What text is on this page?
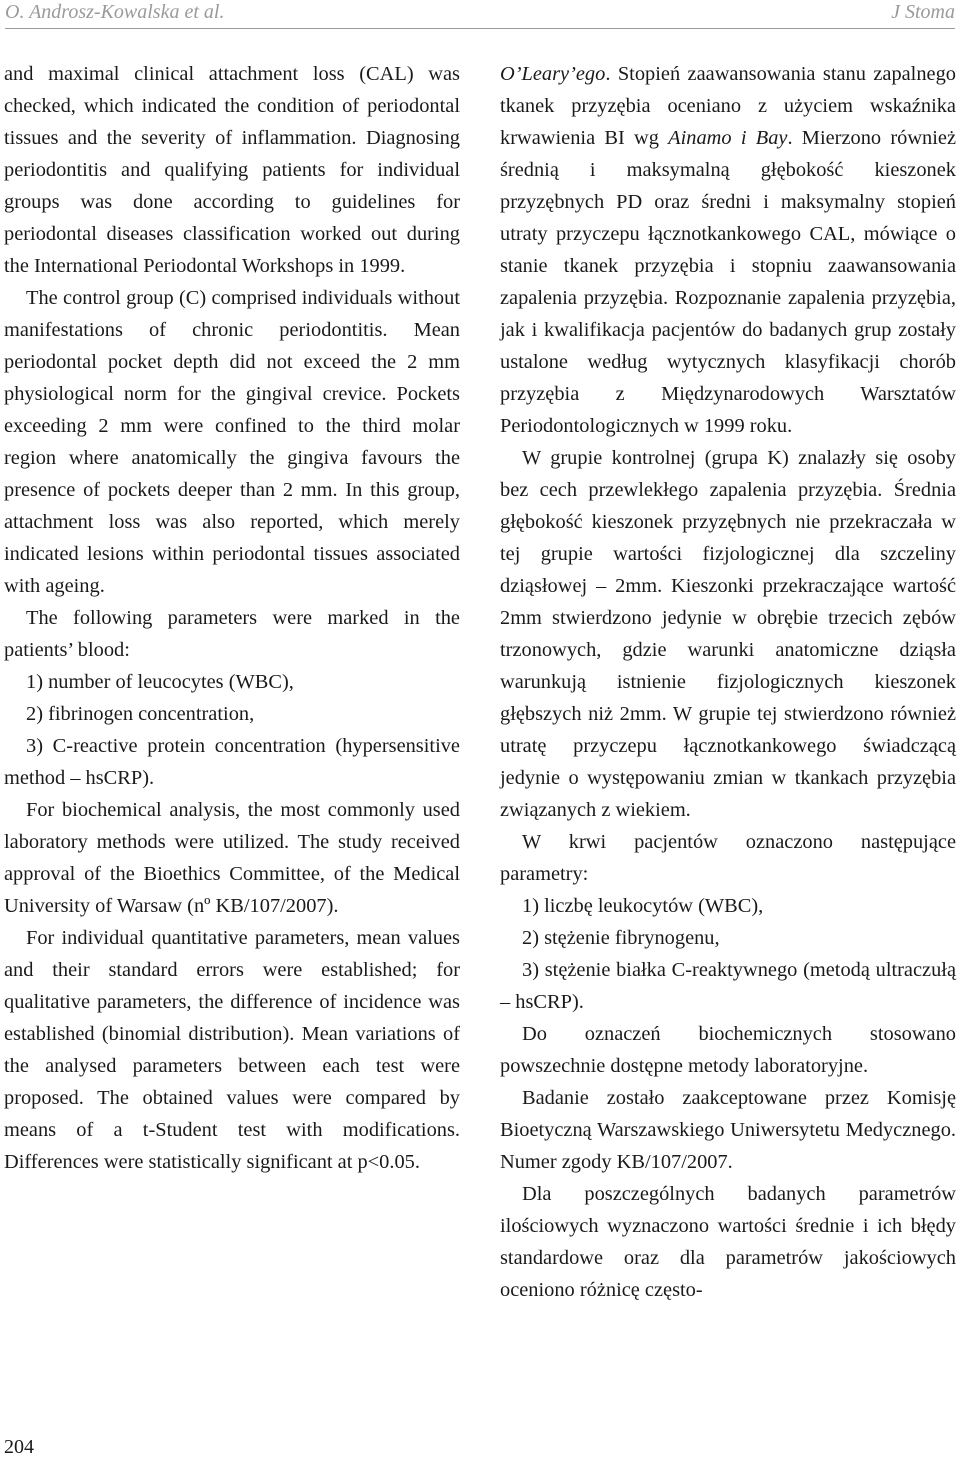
O. Androsz-Kowalska et al.	J Stoma

and maximal clinical attachment loss (CAL) was checked, which indicated the condition of periodontal tissues and the severity of inflammation. Diagnosing periodontitis and qualifying patients for individual groups was done according to guidelines for periodontal diseases classification worked out during the International Periodontal Workshops in 1999.

The control group (C) comprised individuals without manifestations of chronic periodontitis. Mean periodontal pocket depth did not exceed the 2 mm physiological norm for the gingival crevice. Pockets exceeding 2 mm were confined to the third molar region where anatomically the gingiva favours the presence of pockets deeper than 2 mm. In this group, attachment loss was also reported, which merely indicated lesions within periodontal tissues associated with ageing.

The following parameters were marked in the patients’ blood:

1) number of leucocytes (WBC),

2) fibrinogen concentration,

3) C-reactive protein concentration (hypersensitive method – hsCRP).

For biochemical analysis, the most commonly used laboratory methods were utilized. The study received approval of the Bioethics Committee, of the Medical University of Warsaw (nº KB/107/2007).

For individual quantitative parameters, mean values and their standard errors were established; for qualitative parameters, the difference of incidence was established (binomial distribution). Mean variations of the analysed parameters between each test were proposed. The obtained values were compared by means of a t-Student test with modifications. Differences were statistically significant at p<0.05.

O’Leary’ego. Stopień zaawansowania stanu zapalnego tkanek przyzębia oceniano z użyciem wskaźnika krwawienia BI wg Ainamo i Bay. Mierzono również średnią i maksymalną głębokość kieszonek przyzębnych PD oraz średni i maksymalny stopień utraty przyczepu łącznotkankowego CAL, mówiące o stanie tkanek przyzębia i stopniu zaawansowania zapalenia przyzębia. Rozpoznanie zapalenia przyzębia, jak i kwalifikacja pacjentów do badanych grup zostały ustalone według wytycznych klasyfikacji chorób przyzębia z Międzynarodowych Warsztatów Periodontologicznych w 1999 roku.

W grupie kontrolnej (grupa K) znalazły się osoby bez cech przewlekłego zapalenia przyzębia. Średnia głębokość kieszonek przyzębnych nie przekraczała w tej grupie wartości fizjologicznej dla szczeliny dziąsłowej – 2mm. Kieszonki przekraczające wartość 2mm stwierdzono jedynie w obrębie trzecich zębów trzonowych, gdzie warunki anatomiczne dziąsła warunkują istnienie fizjologicznych kieszonek głębszych niż 2mm. W grupie tej stwierdzono również utratę przyczepu łącznotkankowego świadczącą jedynie o występowaniu zmian w tkankach przyzębia związanych z wiekiem.

W krwi pacjentów oznaczono następujące parametry:

1) liczbę leukocytów (WBC),

2) stężenie fibrynogenu,

3) stężenie białka C-reaktywnego (metodą ultraczułą – hsCRP).

Do oznaczeń biochemicznych stosowano powszechnie dostępne metody laboratoryjne.

Badanie zostało zaakceptowane przez Komisję Bioetyczną Warszawskiego Uniwersytetu Medycznego. Numer zgody KB/107/2007.

Dla poszczególnych badanych parametrów ilościowych wyznaczono wartości średnie i ich błędy standardowe oraz dla parametrów jakościowych oceniono różnicę często-

204
